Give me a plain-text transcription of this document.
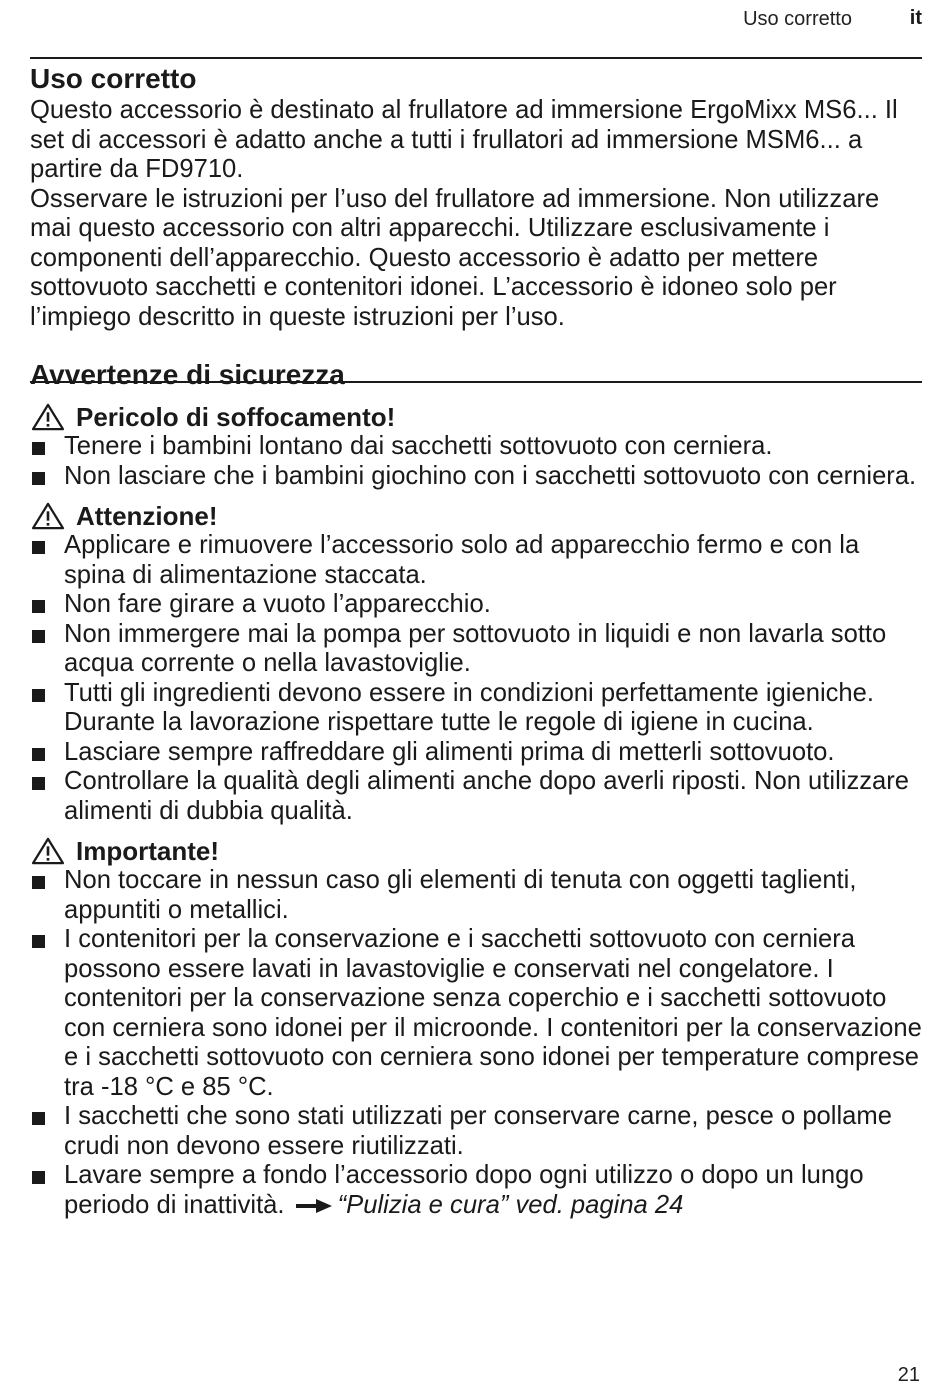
Uso corretto	it
Uso corretto

Questo accessorio è destinato al frullatore ad immersione ErgoMixx MS6... Il set di accessori è adatto anche a tutti i frullatori ad immersione MSM6... a partire da FD9710.

Osservare le istruzioni per l’uso del frullatore ad immersione. Non utilizzare mai questo accessorio con altri apparecchi. Utilizzare esclusivamente i componenti dell’apparecchio. Questo accessorio è adatto per mettere sottovuoto sacchetti e contenitori idonei. L’accessorio è idoneo solo per l’impiego descritto in queste istruzioni per l’uso.

Avvertenze di sicurezza
Pericolo di soffocamento!
Tenere i bambini lontano dai sacchetti sottovuoto con cerniera.
Non lasciare che i bambini giochino con i sacchetti sottovuoto con cerniera.
Attenzione!
Applicare e rimuovere l’accessorio solo ad apparecchio fermo e con la spina di alimentazione staccata.
Non fare girare a vuoto l’apparecchio.
Non immergere mai la pompa per sottovuoto in liquidi e non lavarla sotto acqua corrente o nella lavastoviglie.
Tutti gli ingredienti devono essere in condizioni perfettamente igieniche. Durante la lavorazione rispettare tutte le regole di igiene in cucina.
Lasciare sempre raffreddare gli alimenti prima di metterli sottovuoto.
Controllare la qualità degli alimenti anche dopo averli riposti. Non utilizzare alimenti di dubbia qualità.
Importante!
Non toccare in nessun caso gli elementi di tenuta con oggetti taglienti, appuntiti o metallici.
I contenitori per la conservazione e i sacchetti sottovuoto con cerniera possono essere lavati in lavastoviglie e conservati nel congelatore. I contenitori per la conservazione senza coperchio e i sacchetti sottovuoto con cerniera sono idonei per il microonde. I contenitori per la conservazione e i sacchetti sottovuoto con cerniera sono idonei per temperature comprese tra -18 °C e 85 °C.
I sacchetti che sono stati utilizzati per conservare carne, pesce o pollame crudi non devono essere riutilizzati.
Lavare sempre a fondo l’accessorio dopo ogni utilizzo o dopo un lungo periodo di inattività. “Pulizia e cura” ved. pagina 24
21
